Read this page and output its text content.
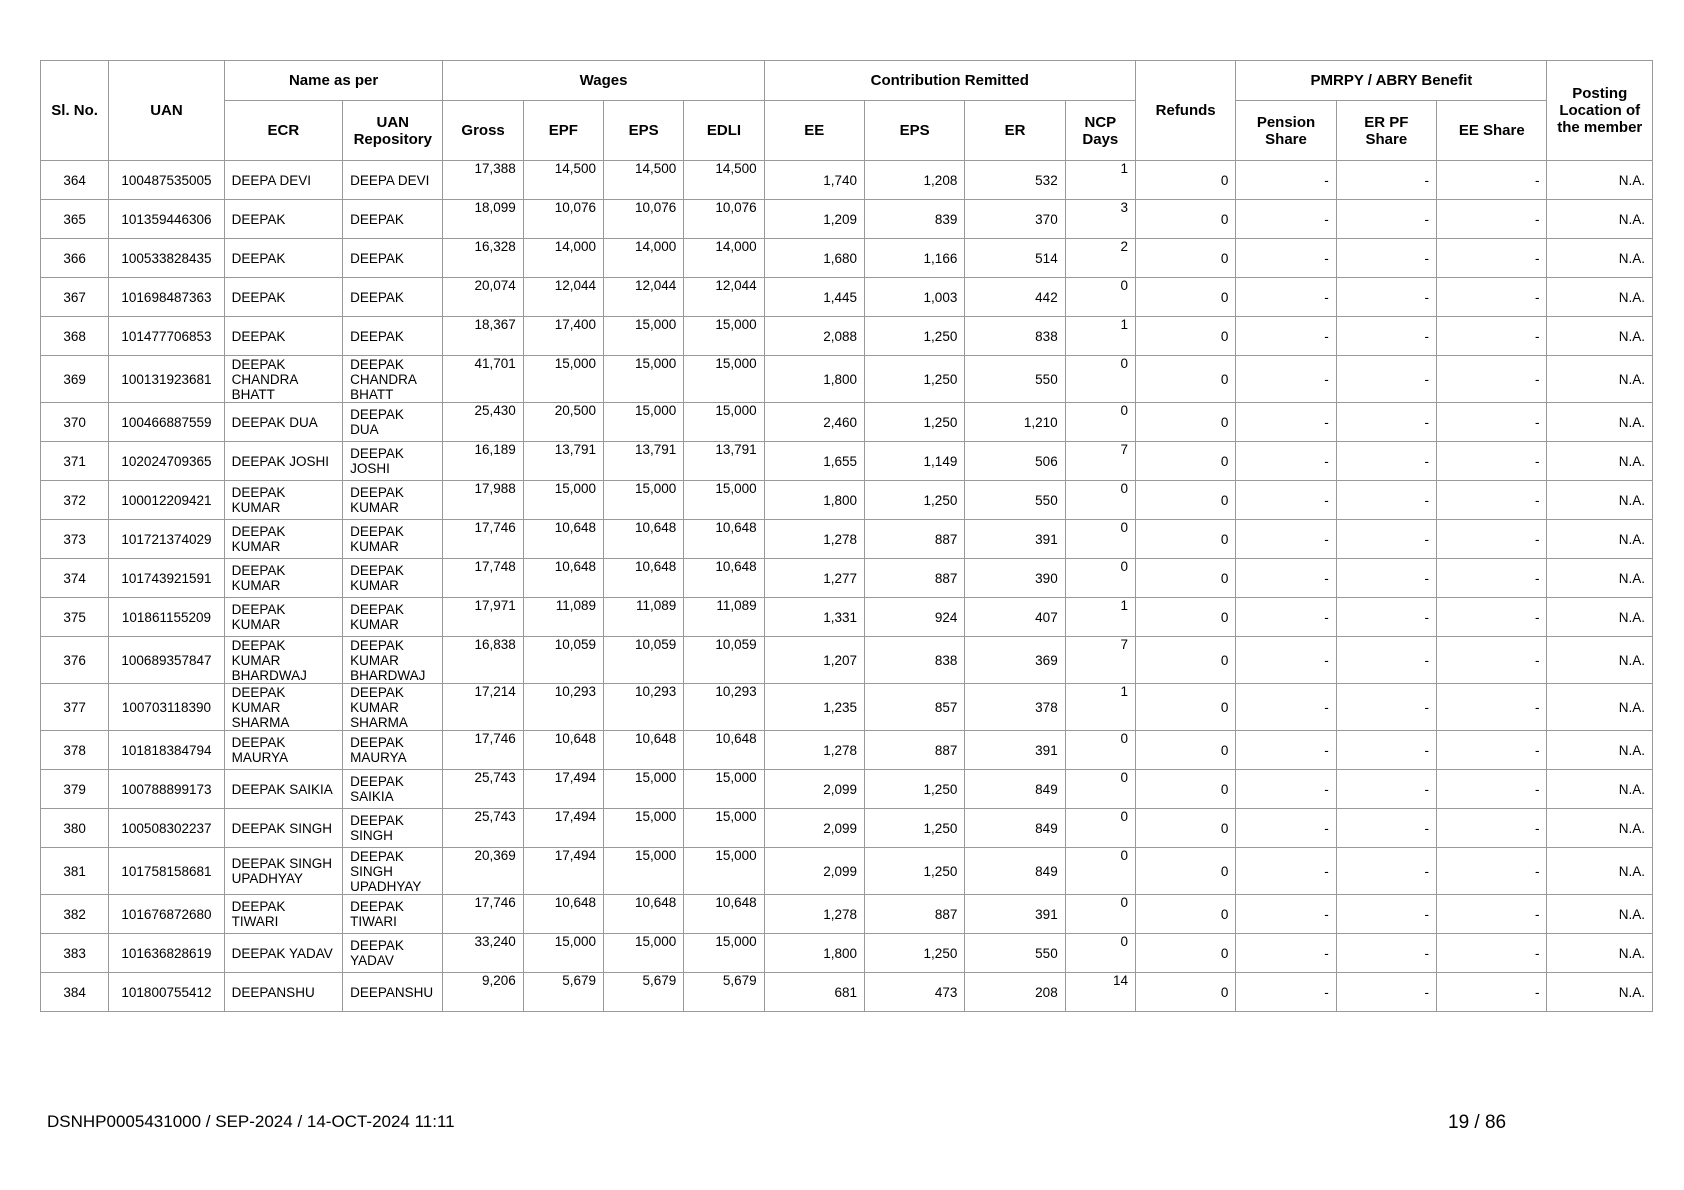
Sl. No.	UAN	Name as per		Wages				Contribution Remitted				Refunds	PMRPY / ABRY Benefit			Posting Location of the member
		ECR	UAN Repository	Gross	EPF	EPS	EDLI	EE	EPS	ER	NCP Days		Pension Share	ER PF Share	EE Share	
364	100487535005	DEEPA DEVI	DEEPA DEVI	17,388	14,500	14,500	14,500	1,740	1,208	532	1	0	-	-	-	N.A.
365	101359446306	DEEPAK	DEEPAK	18,099	10,076	10,076	10,076	1,209	839	370	3	0	-	-	-	N.A.
366	100533828435	DEEPAK	DEEPAK	16,328	14,000	14,000	14,000	1,680	1,166	514	2	0	-	-	-	N.A.
367	101698487363	DEEPAK	DEEPAK	20,074	12,044	12,044	12,044	1,445	1,003	442	0	0	-	-	-	N.A.
368	101477706853	DEEPAK	DEEPAK	18,367	17,400	15,000	15,000	2,088	1,250	838	1	0	-	-	-	N.A.
369	100131923681	DEEPAK CHANDRA BHATT	DEEPAK CHANDRA BHATT	41,701	15,000	15,000	15,000	1,800	1,250	550	0	0	-	-	-	N.A.
370	100466887559	DEEPAK DUA	DEEPAK DUA	25,430	20,500	15,000	15,000	2,460	1,250	1,210	0	0	-	-	-	N.A.
371	102024709365	DEEPAK JOSHI	DEEPAK JOSHI	16,189	13,791	13,791	13,791	1,655	1,149	506	7	0	-	-	-	N.A.
372	100012209421	DEEPAK KUMAR	DEEPAK KUMAR	17,988	15,000	15,000	15,000	1,800	1,250	550	0	0	-	-	-	N.A.
373	101721374029	DEEPAK KUMAR	DEEPAK KUMAR	17,746	10,648	10,648	10,648	1,278	887	391	0	0	-	-	-	N.A.
374	101743921591	DEEPAK KUMAR	DEEPAK KUMAR	17,748	10,648	10,648	10,648	1,277	887	390	0	0	-	-	-	N.A.
375	101861155209	DEEPAK KUMAR	DEEPAK KUMAR	17,971	11,089	11,089	11,089	1,331	924	407	1	0	-	-	-	N.A.
376	100689357847	DEEPAK KUMAR BHARDWAJ	DEEPAK KUMAR BHARDWAJ	16,838	10,059	10,059	10,059	1,207	838	369	7	0	-	-	-	N.A.
377	100703118390	DEEPAK KUMAR SHARMA	DEEPAK KUMAR SHARMA	17,214	10,293	10,293	10,293	1,235	857	378	1	0	-	-	-	N.A.
378	101818384794	DEEPAK MAURYA	DEEPAK MAURYA	17,746	10,648	10,648	10,648	1,278	887	391	0	0	-	-	-	N.A.
379	100788899173	DEEPAK SAIKIA	DEEPAK SAIKIA	25,743	17,494	15,000	15,000	2,099	1,250	849	0	0	-	-	-	N.A.
380	100508302237	DEEPAK SINGH	DEEPAK SINGH	25,743	17,494	15,000	15,000	2,099	1,250	849	0	0	-	-	-	N.A.
381	101758158681	DEEPAK SINGH UPADHYAY	DEEPAK SINGH UPADHYAY	20,369	17,494	15,000	15,000	2,099	1,250	849	0	0	-	-	-	N.A.
382	101676872680	DEEPAK TIWARI	DEEPAK TIWARI	17,746	10,648	10,648	10,648	1,278	887	391	0	0	-	-	-	N.A.
383	101636828619	DEEPAK YADAV	DEEPAK YADAV	33,240	15,000	15,000	15,000	1,800	1,250	550	0	0	-	-	-	N.A.
384	101800755412	DEEPANSHU	DEEPANSHU	9,206	5,679	5,679	5,679	681	473	208	14	0	-	-	-	N.A.
DSNHP0005431000 / SEP-2024 / 14-OCT-2024 11:11	19 / 86
